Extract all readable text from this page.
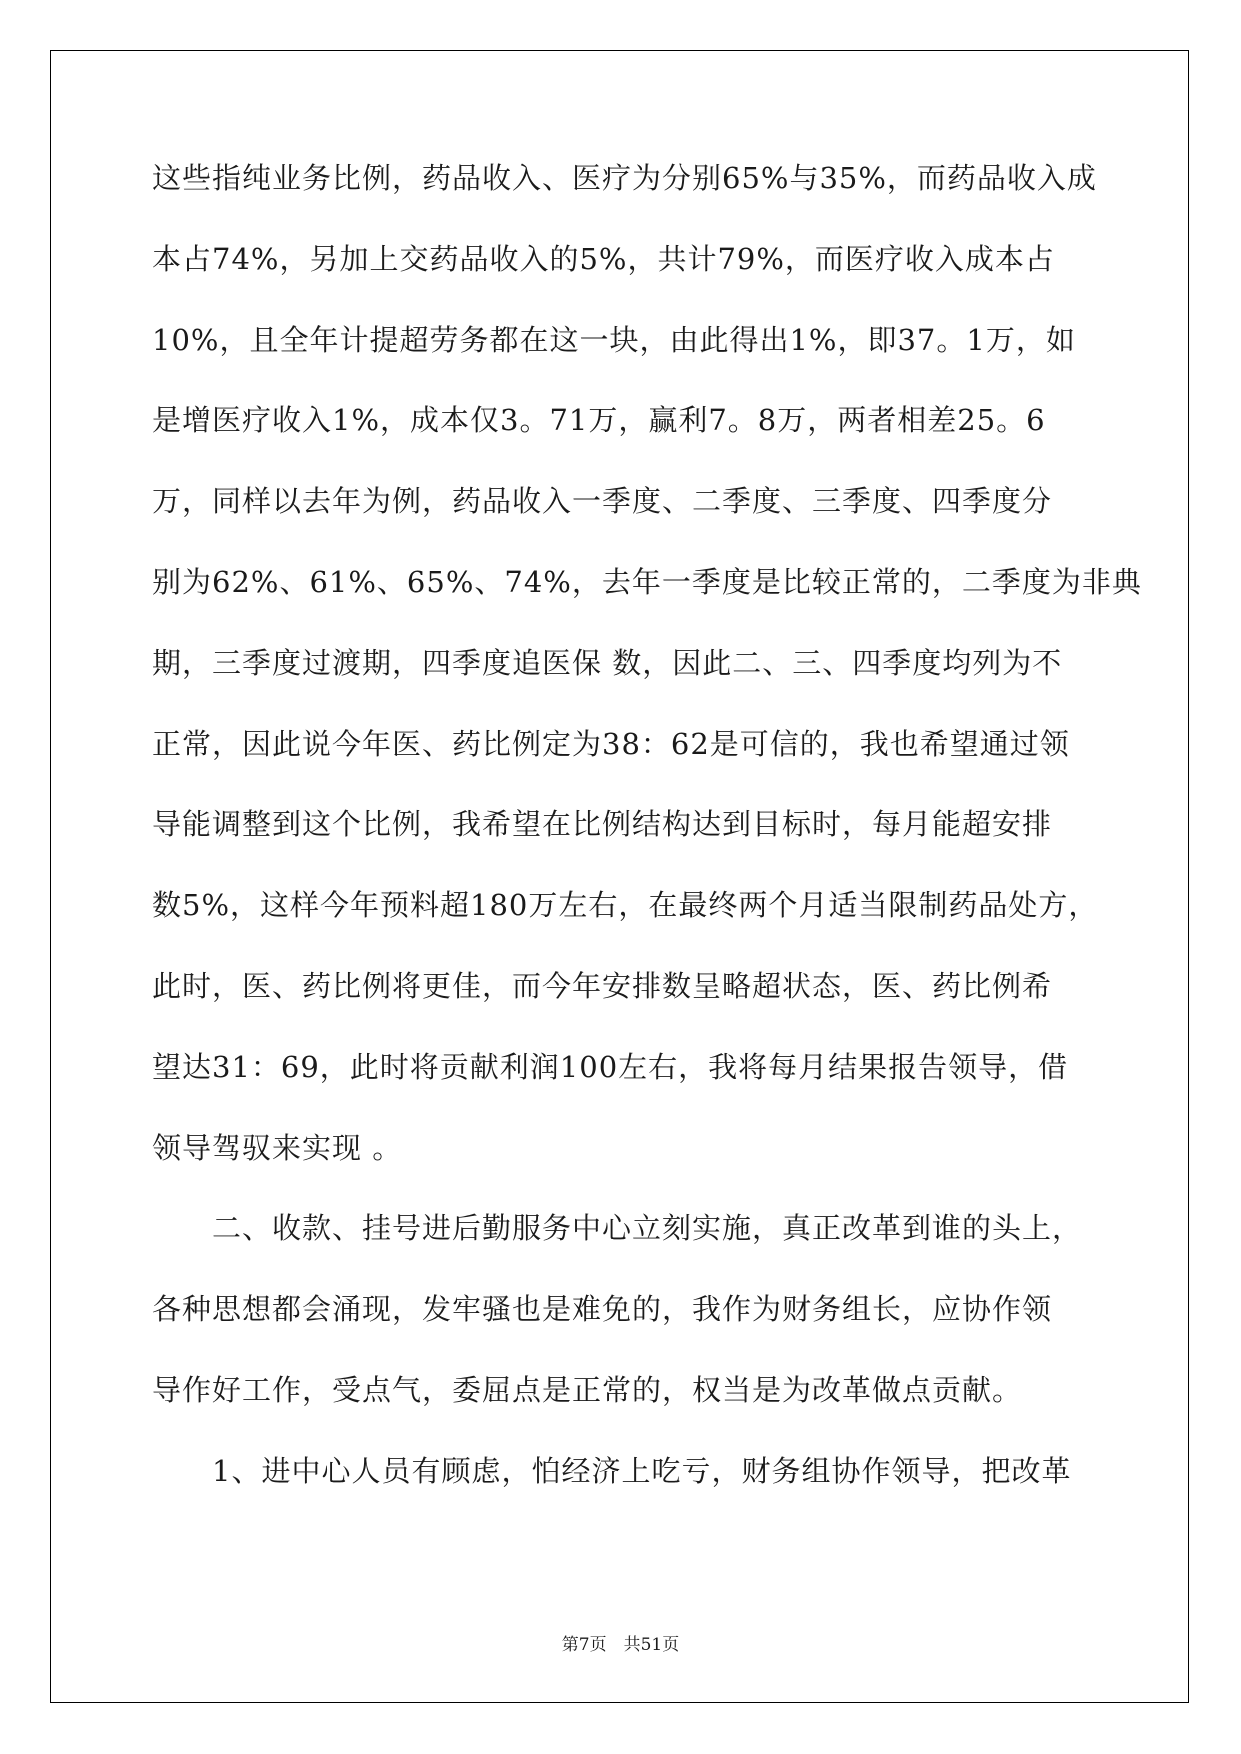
这些指纯业务比例，药品收入、医疗为分别65%与35%，而药品收入成
本占74%，另加上交药品收入的5%，共计79%，而医疗收入成本占
10%，且全年计提超劳务都在这一块，由此得出1%，即37。1万，如
是增医疗收入1%，成本仅3。71万，赢利7。8万，两者相差25。6
万，同样以去年为例，药品收入一季度、二季度、三季度、四季度分
别为62%、61%、65%、74%，去年一季度是比较正常的，二季度为非典
期，三季度过渡期，四季度追医保 数，因此二、三、四季度均列为不
正常，因此说今年医、药比例定为38：62是可信的，我也希望通过领
导能调整到这个比例，我希望在比例结构达到目标时，每月能超安排
数5%，这样今年预料超180万左右，在最终两个月适当限制药品处方，
此时，医、药比例将更佳，而今年安排数呈略超状态，医、药比例希
望达31：69，此时将贡献利润100左右，我将每月结果报告领导，借
领导驾驭来实现 。
二、收款、挂号进后勤服务中心立刻实施，真正改革到谁的头上，
各种思想都会涌现，发牢骚也是难免的，我作为财务组长，应协作领
导作好工作，受点气，委屈点是正常的，权当是为改革做点贡献。
1、进中心人员有顾虑，怕经济上吃亏，财务组协作领导，把改革
第7页　共51页
